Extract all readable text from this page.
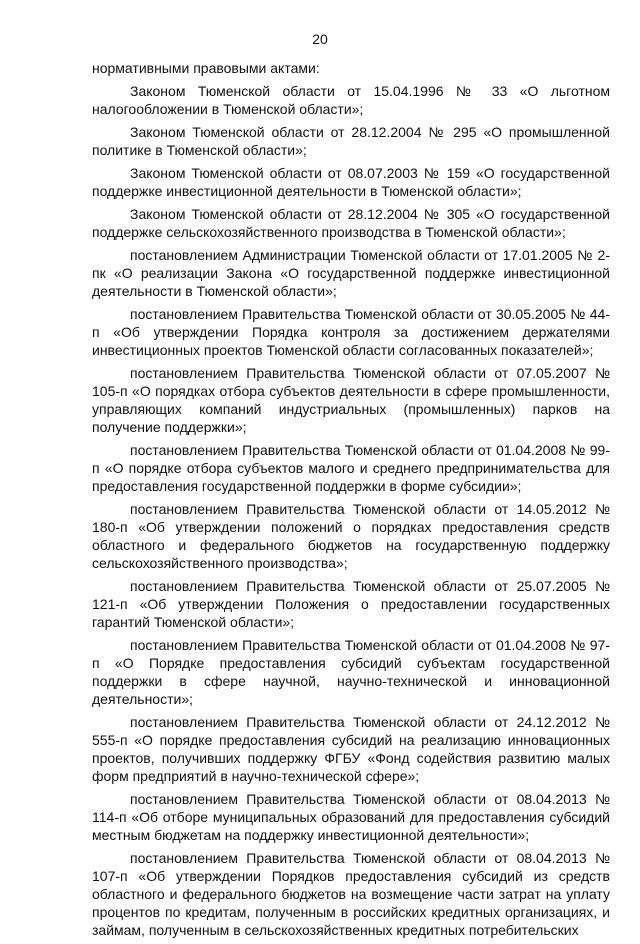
20

нормативными правовыми актами:

Законом Тюменской области от 15.04.1996 № 33 «О льготном налогообложении в Тюменской области»;

Законом Тюменской области от 28.12.2004 № 295 «О промышленной политике в Тюменской области»;

Законом Тюменской области от 08.07.2003 № 159 «О государственной поддержке инвестиционной деятельности в Тюменской области»;

Законом Тюменской области от 28.12.2004 № 305 «О государственной поддержке сельскохозяйственного производства в Тюменской области»;

постановлением Администрации Тюменской области от 17.01.2005 № 2-пк «О реализации Закона «О государственной поддержке инвестиционной деятельности в Тюменской области»;

постановлением Правительства Тюменской области от 30.05.2005 № 44-п «Об утверждении Порядка контроля за достижением держателями инвестиционных проектов Тюменской области согласованных показателей»;

постановлением Правительства Тюменской области от 07.05.2007 № 105-п «О порядках отбора субъектов деятельности в сфере промышленности, управляющих компаний индустриальных (промышленных) парков на получение поддержки»;

постановлением Правительства Тюменской области от 01.04.2008 № 99-п «О порядке отбора субъектов малого и среднего предпринимательства для предоставления государственной поддержки в форме субсидии»;

постановлением Правительства Тюменской области от 14.05.2012 № 180-п «Об утверждении положений о порядках предоставления средств областного и федерального бюджетов на государственную поддержку сельскохозяйственного производства»;

постановлением Правительства Тюменской области от 25.07.2005 № 121-п «Об утверждении Положения о предоставлении государственных гарантий Тюменской области»;

постановлением Правительства Тюменской области от 01.04.2008 № 97-п «О Порядке предоставления субсидий субъектам государственной поддержки в сфере научной, научно-технической и инновационной деятельности»;

постановлением Правительства Тюменской области от 24.12.2012 № 555-п «О порядке предоставления субсидий на реализацию инновационных проектов, получивших поддержку ФГБУ «Фонд содействия развитию малых форм предприятий в научно-технической сфере»;

постановлением Правительства Тюменской области от 08.04.2013 № 114-п «Об отборе муниципальных образований для предоставления субсидий местным бюджетам на поддержку инвестиционной деятельности»;

постановлением Правительства Тюменской области от 08.04.2013 № 107-п «Об утверждении Порядков предоставления субсидий из средств областного и федерального бюджетов на возмещение части затрат на уплату процентов по кредитам, полученным в российских кредитных организациях, и займам, полученным в сельскохозяйственных кредитных потребительских
